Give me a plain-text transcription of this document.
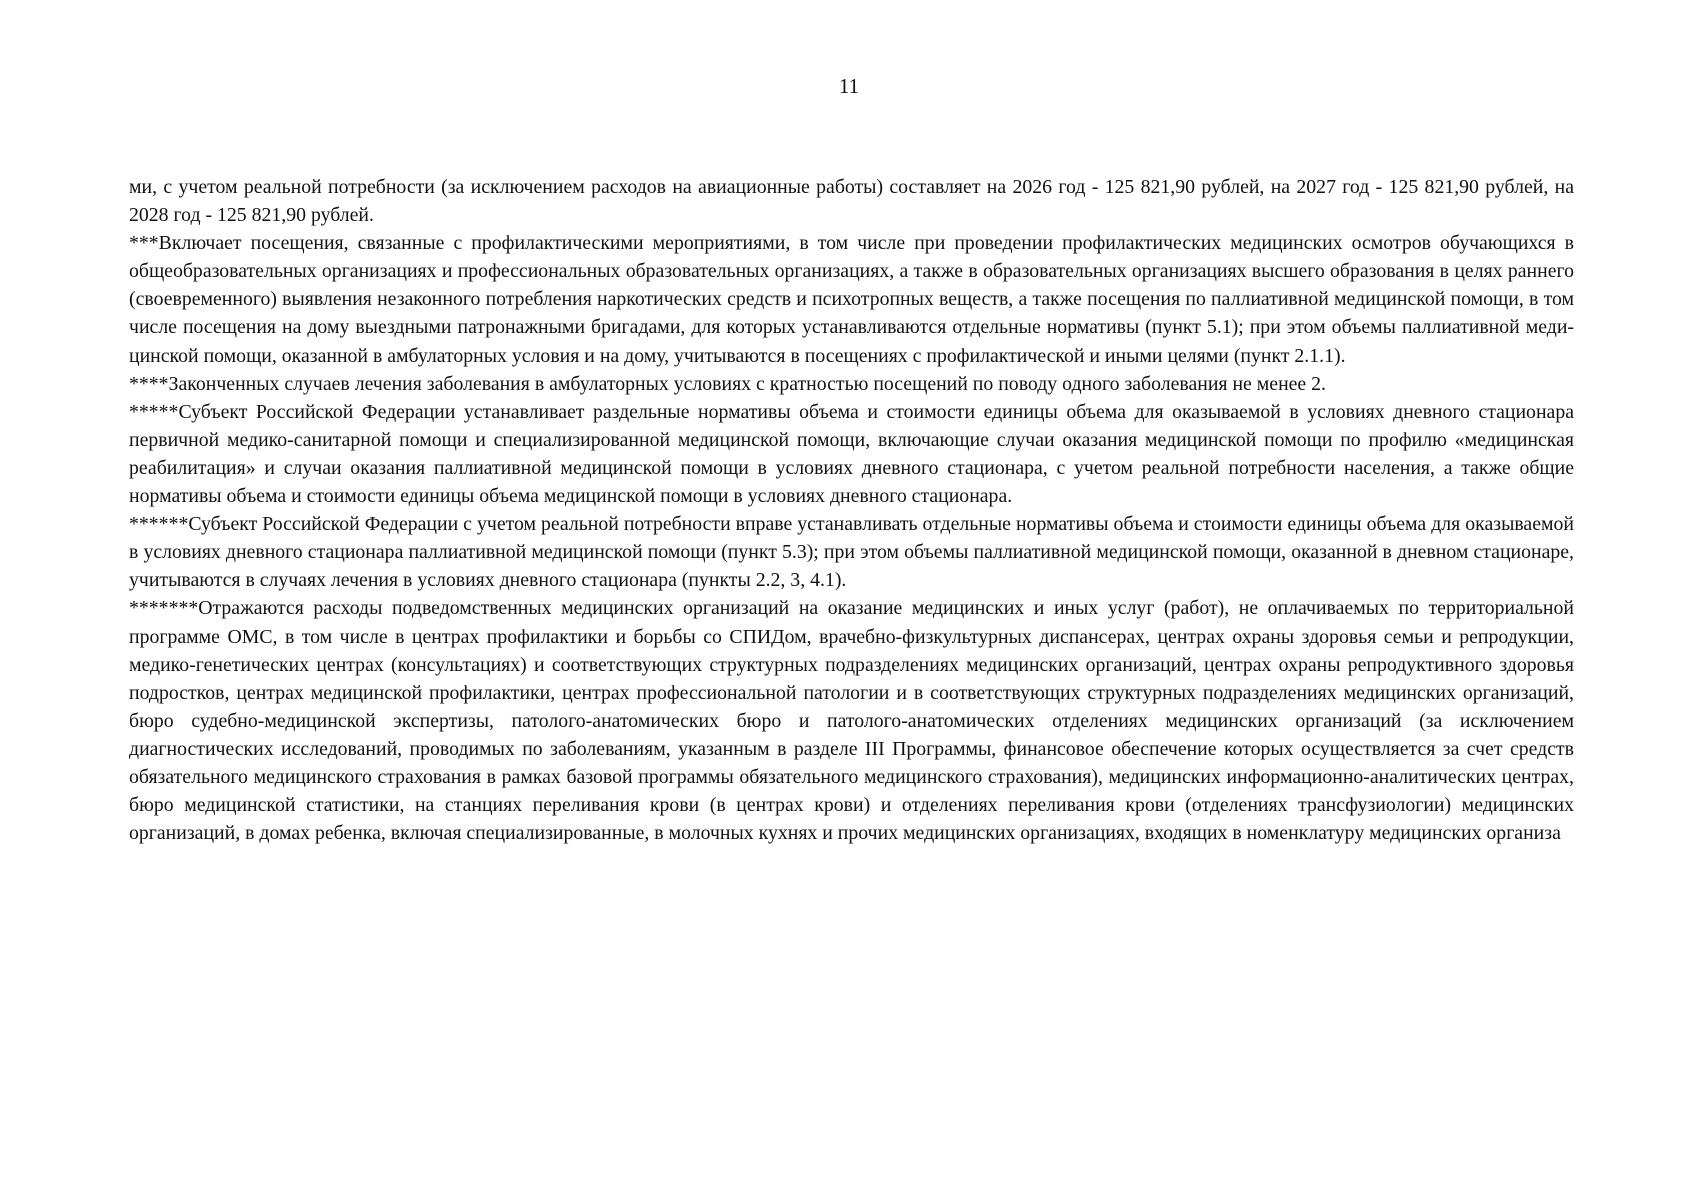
11

ми, с учетом реальной потребности (за исключением расходов на авиационные работы) составляет на 2026 год - 125 821,90 рублей, на 2027 год - 125 821,90 рублей, на 2028 год - 125 821,90 рублей.

***Включает посещения, связанные с профилактическими мероприятиями, в том числе при проведении профилактических медицинских осмотров обучающихся в общеобразовательных организациях и профессиональных образовательных организациях, а также в образовательных организациях высшего образования в целях раннего (своевременного) выявления незаконного потребления наркотических средств и психотропных веществ, а также посещения по паллиативной медицинской помощи, в том числе посещения на дому выездными патронажными бригадами, для которых устанавливаются отдельные нормативы (пункт 5.1); при этом объемы паллиативной медицинской помощи, оказанной в амбулаторных условия и на дому, учитываются в посещениях с профилактической и иными целями (пункт 2.1.1).

****Законченных случаев лечения заболевания в амбулаторных условиях с кратностью посещений по поводу одного заболевания не менее 2.

*****Субъект Российской Федерации устанавливает раздельные нормативы объема и стоимости единицы объема для оказываемой в условиях дневного стационара первичной медико-санитарной помощи и специализированной медицинской помощи, включающие случаи оказания медицинской помощи по профилю «медицинская реабилитация» и случаи оказания паллиативной медицинской помощи в условиях дневного стационара, с учетом реальной потребности населения, а также общие нормативы объема и стоимости единицы объема медицинской помощи в условиях дневного стационара.

******Субъект Российской Федерации с учетом реальной потребности вправе устанавливать отдельные нормативы объема и стоимости единицы объема для оказываемой в условиях дневного стационара паллиативной медицинской помощи (пункт 5.3); при этом объемы паллиативной медицинской помощи, оказанной в дневном стационаре, учитываются в случаях лечения в условиях дневного стационара (пункты 2.2, 3, 4.1).

*******Отражаются расходы подведомственных медицинских организаций на оказание медицинских и иных услуг (работ), не оплачиваемых по территориальной программе ОМС, в том числе в центрах профилактики и борьбы со СПИДом, врачебно-физкультурных диспансерах, центрах охраны здоровья семьи и репродукции, медико-генетических центрах (консультациях) и соответствующих структурных подразделениях медицинских организаций, центрах охраны репродуктивного здоровья подростков, центрах медицинской профилактики, центрах профессиональной патологии и в соответствующих структурных подразделениях медицинских организаций, бюро судебно-медицинской экспертизы, патолого-анатомических бюро и патолого-анатомических отделениях медицинских организаций (за исключением диагностических исследований, проводимых по заболеваниям, указанным в разделе III Программы, финансовое обеспечение которых осуществляется за счет средств обязательного медицинского страхования в рамках базовой программы обязательного медицинского страхования), медицинских информационно-аналитических центрах, бюро медицинской статистики, на станциях переливания крови (в центрах крови) и отделениях переливания крови (отделениях трансфузиологии) медицинских организаций, в домах ребенка, включая специализированные, в молочных кухнях и прочих медицинских организациях, входящих в номенклатуру медицинских организа
